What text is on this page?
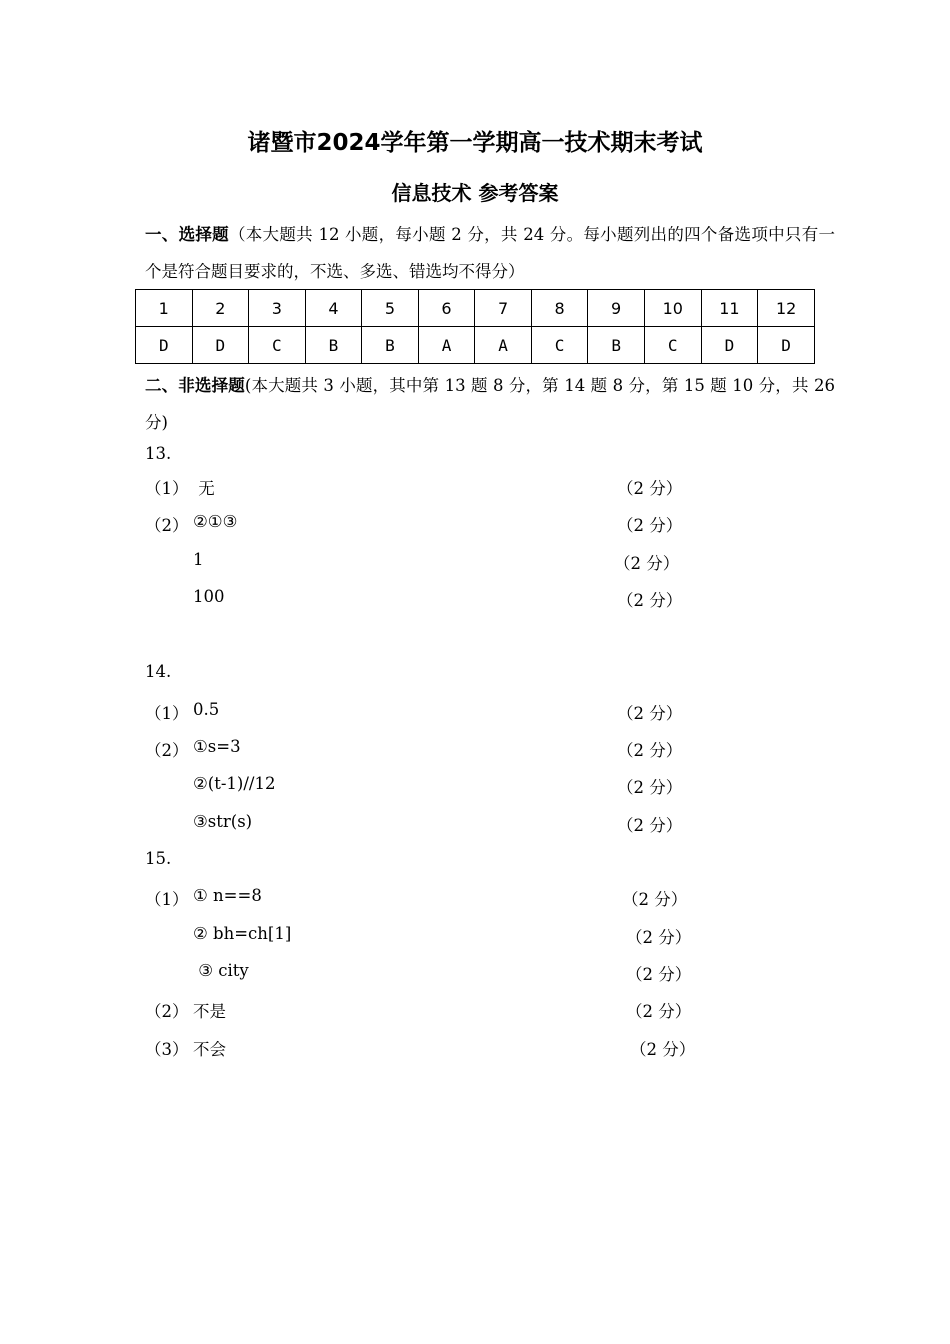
诸暨市2024学年第一学期高一技术期末考试
信息技术 参考答案
一、选择题（本大题共 12 小题，每小题 2 分，共 24 分。每小题列出的四个备选项中只有一个是符合题目要求的，不选、多选、错选均不得分）
1	2	3	4	5	6	7	8	9	10	11	12
D	D	C	B	B	A	A	C	B	C	D	D
二、非选择题(本大题共 3 小题，其中第 13 题 8 分，第 14 题 8 分，第 15 题 10 分，共 26 分)
13.
（1） 无	（2 分）
（2） ②①③	（2 分）
1	（2 分）
100	（2 分）
14.
（1） 0.5	（2 分）
（2） ①s=3	（2 分）
②(t-1)//12	（2 分）
③str(s)	（2 分）
15.
（1） ① n==8	（2 分）
② bh=ch[1]	（2 分）
③ city	（2 分）
（2） 不是	（2 分）
（3） 不会	（2 分）
